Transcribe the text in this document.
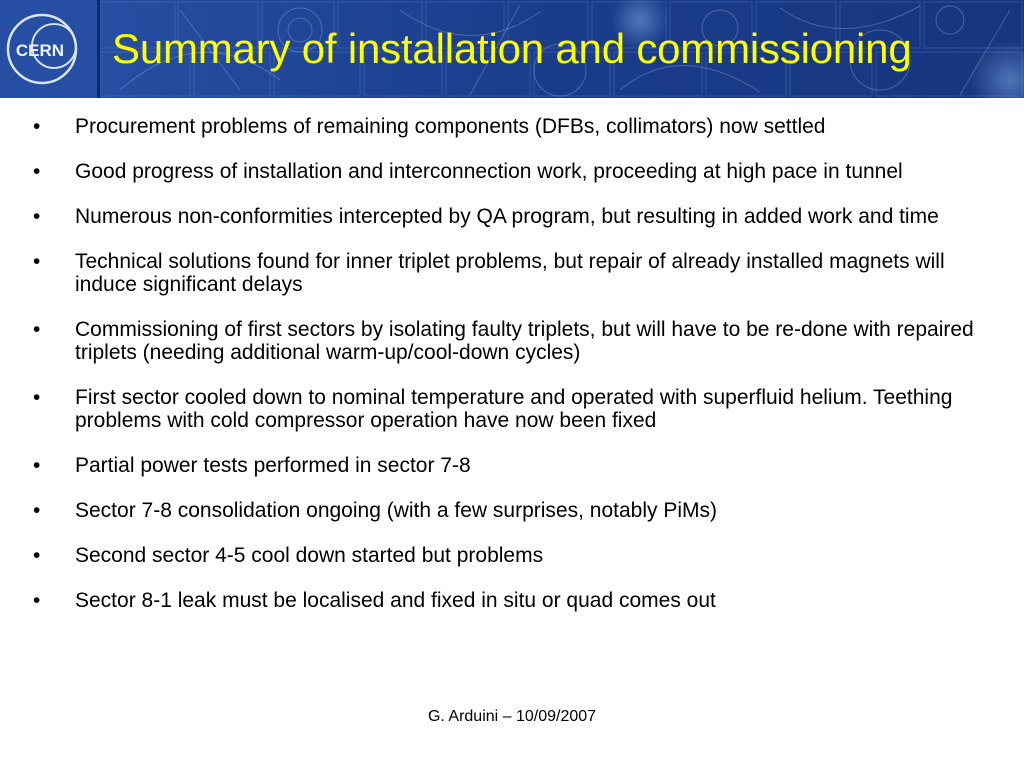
CERN Summary of installation and commissioning
• Procurement problems of remaining components (DFBs, collimators) now settled
• Good progress of installation and interconnection work, proceeding at high pace in tunnel
• Numerous non-conformities intercepted by QA program, but resulting in added work and time
• Technical solutions found for inner triplet problems, but repair of already installed magnets will induce significant delays
• Commissioning of first sectors by isolating faulty triplets, but will have to be re-done with repaired triplets (needing additional warm-up/cool-down cycles)
• First sector cooled down to nominal temperature and operated with superfluid helium. Teething problems with cold compressor operation have now been fixed
• Partial power tests performed in sector 7-8
• Sector 7-8 consolidation ongoing (with a few surprises, notably PiMs)
• Second sector 4-5 cool down started but problems
• Sector 8-1 leak must be localised and fixed in situ or quad comes out
G. Arduini – 10/09/2007
